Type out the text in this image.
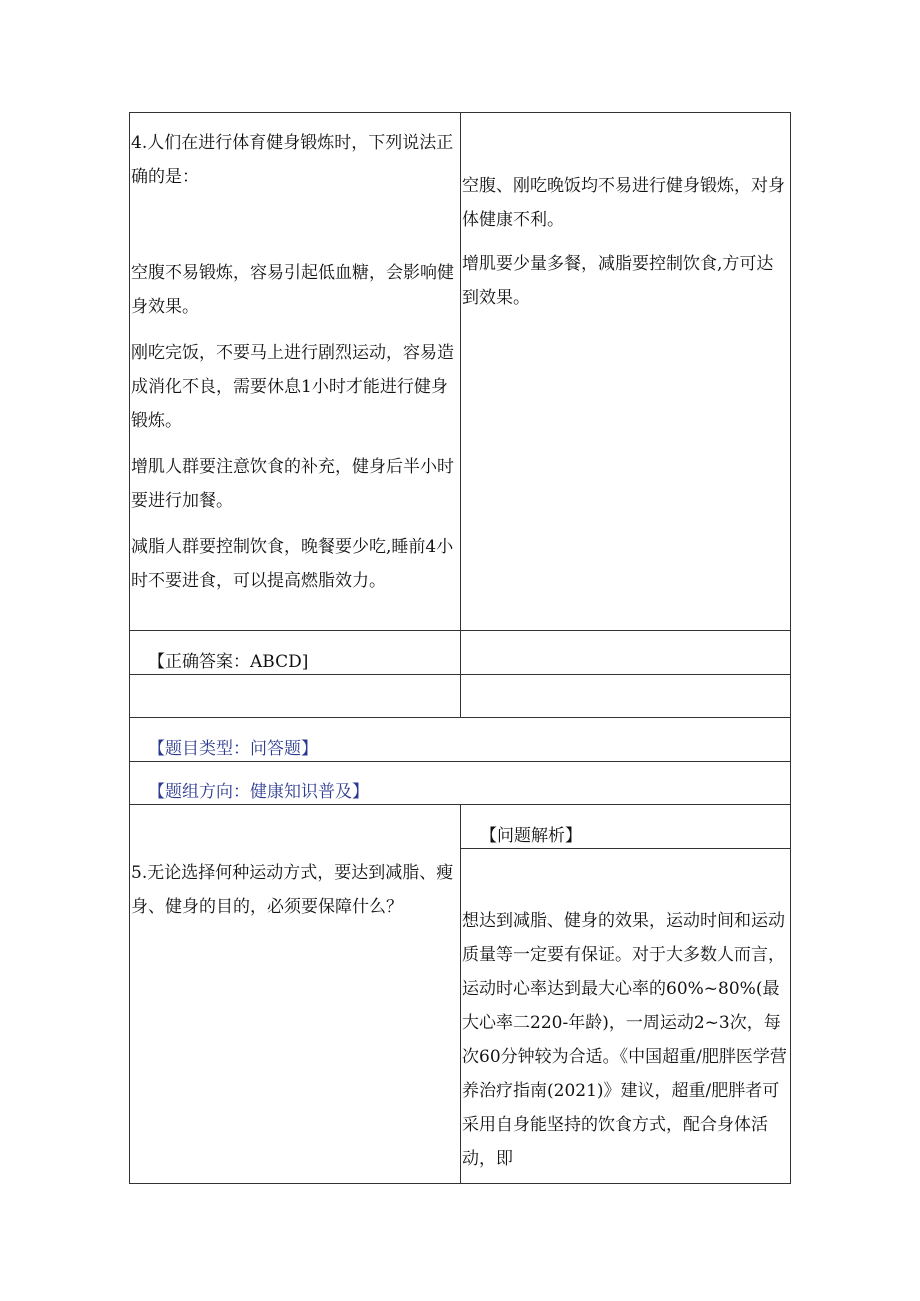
4.人们在进行体育健身锻炼时，下列说法正确的是：

空腹不易锻炼，容易引起低血糖，会影响健身效果。

刚吃完饭，不要马上进行剧烈运动，容易造成消化不良，需要休息1小时才能进行健身锻炼。

增肌人群要注意饮食的补充，健身后半小时要进行加餐。

减脂人群要控制饮食，晚餐要少吃,睡前4小时不要进食，可以提高燃脂效力。

空腹、刚吃晚饭均不易进行健身锻炼，对身体健康不利。

增肌要少量多餐，减脂要控制饮食,方可达到效果。

【正确答案：ABCD]
【题目类型：问答题】
【题组方向：健康知识普及】
5.无论选择何种运动方式，要达到减脂、瘦身、健身的目的，必须要保障什么？
【问题解析】
想达到减脂、健身的效果，运动时间和运动质量等一定要有保证。对于大多数人而言，运动时心率达到最大心率的60%~80%(最大心率二220-年龄)，一周运动2~3次，每次60分钟较为合适。《中国超重/肥胖医学营养治疗指南(2021)》建议，超重/肥胖者可采用自身能坚持的饮食方式，配合身体活动，即
